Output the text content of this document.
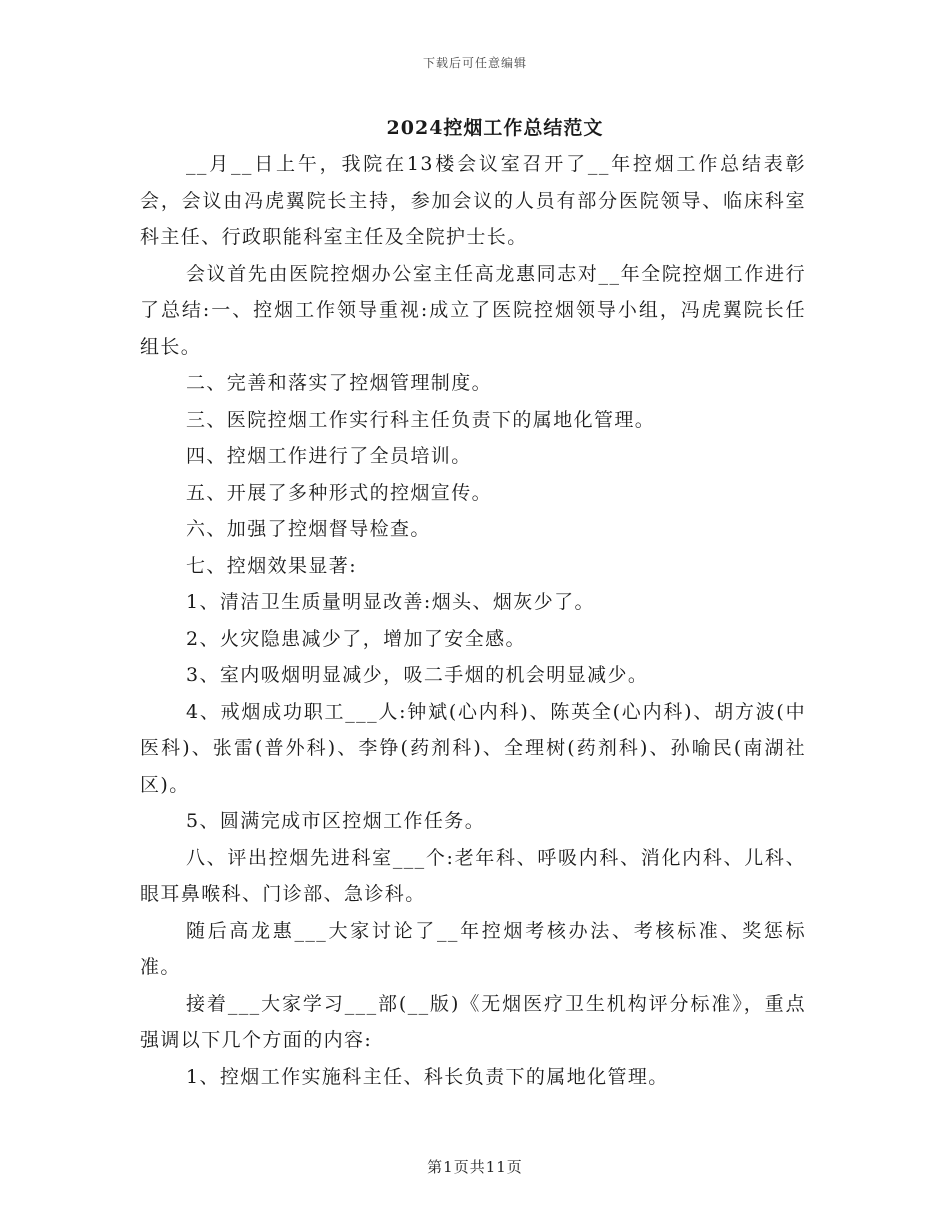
下载后可任意编辑
2024控烟工作总结范文

__月__日上午，我院在13楼会议室召开了__年控烟工作总结表彰会，会议由冯虎翼院长主持，参加会议的人员有部分医院领导、临床科室科主任、行政职能科室主任及全院护士长。

会议首先由医院控烟办公室主任高龙惠同志对__年全院控烟工作进行了总结:一、控烟工作领导重视:成立了医院控烟领导小组，冯虎翼院长任组长。

二、完善和落实了控烟管理制度。

三、医院控烟工作实行科主任负责下的属地化管理。

四、控烟工作进行了全员培训。

五、开展了多种形式的控烟宣传。

六、加强了控烟督导检查。

七、控烟效果显著:

1、清洁卫生质量明显改善:烟头、烟灰少了。

2、火灾隐患减少了，增加了安全感。

3、室内吸烟明显减少，吸二手烟的机会明显减少。

4、戒烟成功职工___人:钟斌(心内科)、陈英全(心内科)、胡方波(中医科)、张雷(普外科)、李铮(药剂科)、全理树(药剂科)、孙喻民(南湖社区)。

5、圆满完成市区控烟工作任务。

八、评出控烟先进科室___个:老年科、呼吸内科、消化内科、儿科、眼耳鼻喉科、门诊部、急诊科。

随后高龙惠___大家讨论了__年控烟考核办法、考核标准、奖惩标准。

接着___大家学习___部(__版)《无烟医疗卫生机构评分标准》，重点强调以下几个方面的内容:

1、控烟工作实施科主任、科长负责下的属地化管理。

第1页共11页
